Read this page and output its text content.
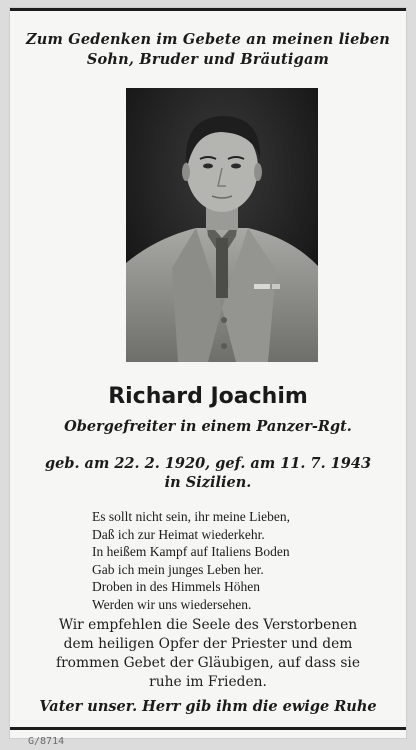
Zum Gedenken im Gebete an meinen lieben
Sohn, Bruder und Bräutigam
Richard Joachim
Obergefreiter in einem Panzer-Rgt.
geb. am 22. 2. 1920, gef. am 11. 7. 1943
in Sizilien.
Es sollt nicht sein, ihr meine Lieben,
Daß ich zur Heimat wiederkehr.
In heißem Kampf auf Italiens Boden
Gab ich mein junges Leben her.
Droben in des Himmels Höhen
Werden wir uns wiedersehen.
Wir empfehlen die Seele des Verstorbenen
dem heiligen Opfer der Priester und dem
frommen Gebet der Gläubigen, auf dass sie
ruhe im Frieden.
Vater unser. Herr gib ihm die ewige Ruhe
G/8714
